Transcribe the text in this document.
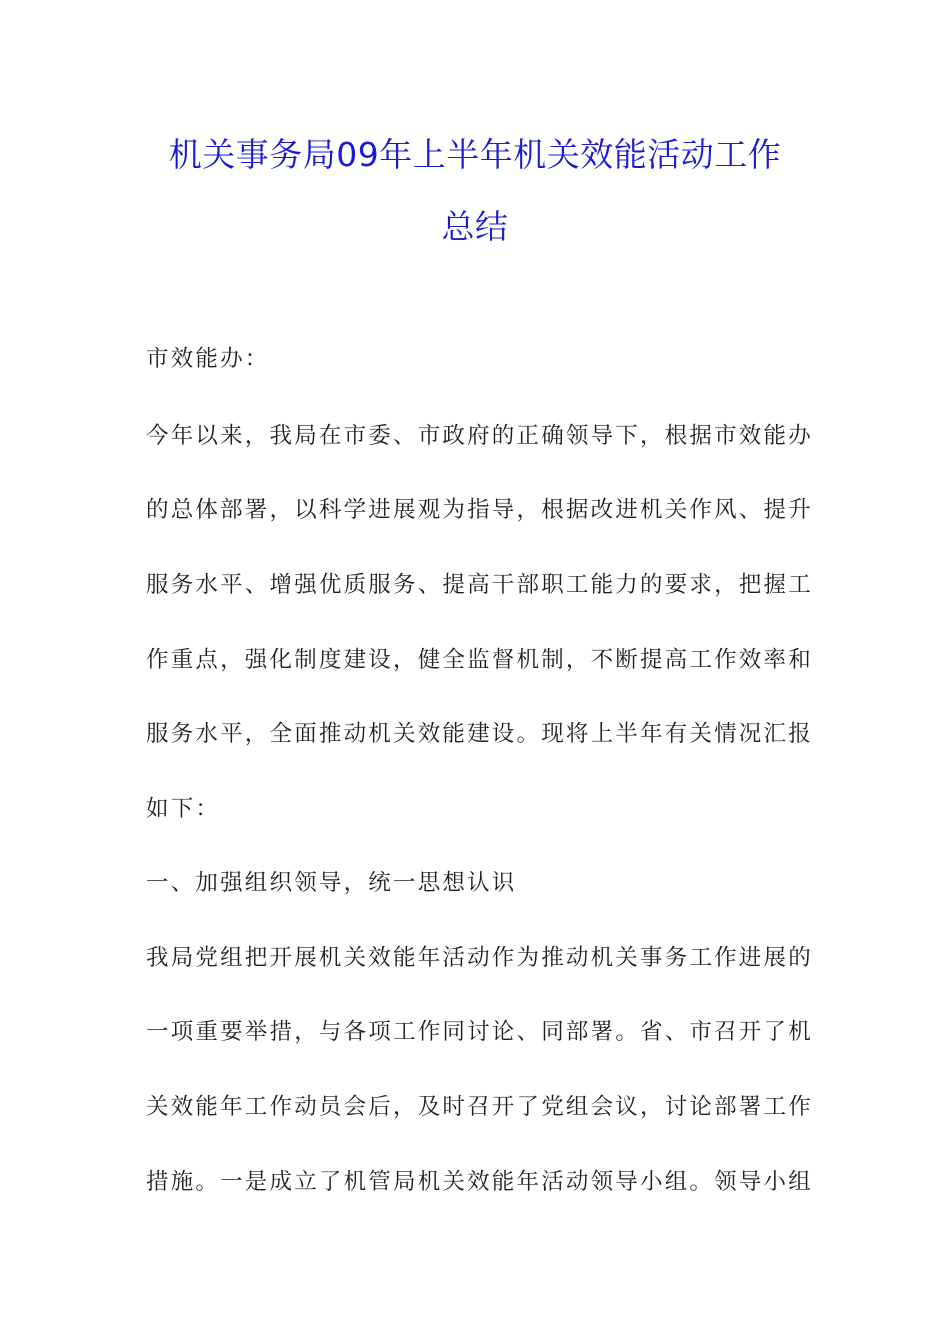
机关事务局09年上半年机关效能活动工作
总结
市效能办：
今年以来，我局在市委、市政府的正确领导下，根据市效能办
的总体部署，以科学进展观为指导，根据改进机关作风、提升
服务水平、增强优质服务、提高干部职工能力的要求，把握工
作重点，强化制度建设，健全监督机制，不断提高工作效率和
服务水平，全面推动机关效能建设。现将上半年有关情况汇报
如下：
一、加强组织领导，统一思想认识
我局党组把开展机关效能年活动作为推动机关事务工作进展的
一项重要举措，与各项工作同讨论、同部署。省、市召开了机
关效能年工作动员会后，及时召开了党组会议，讨论部署工作
措施。一是成立了机管局机关效能年活动领导小组。领导小组
